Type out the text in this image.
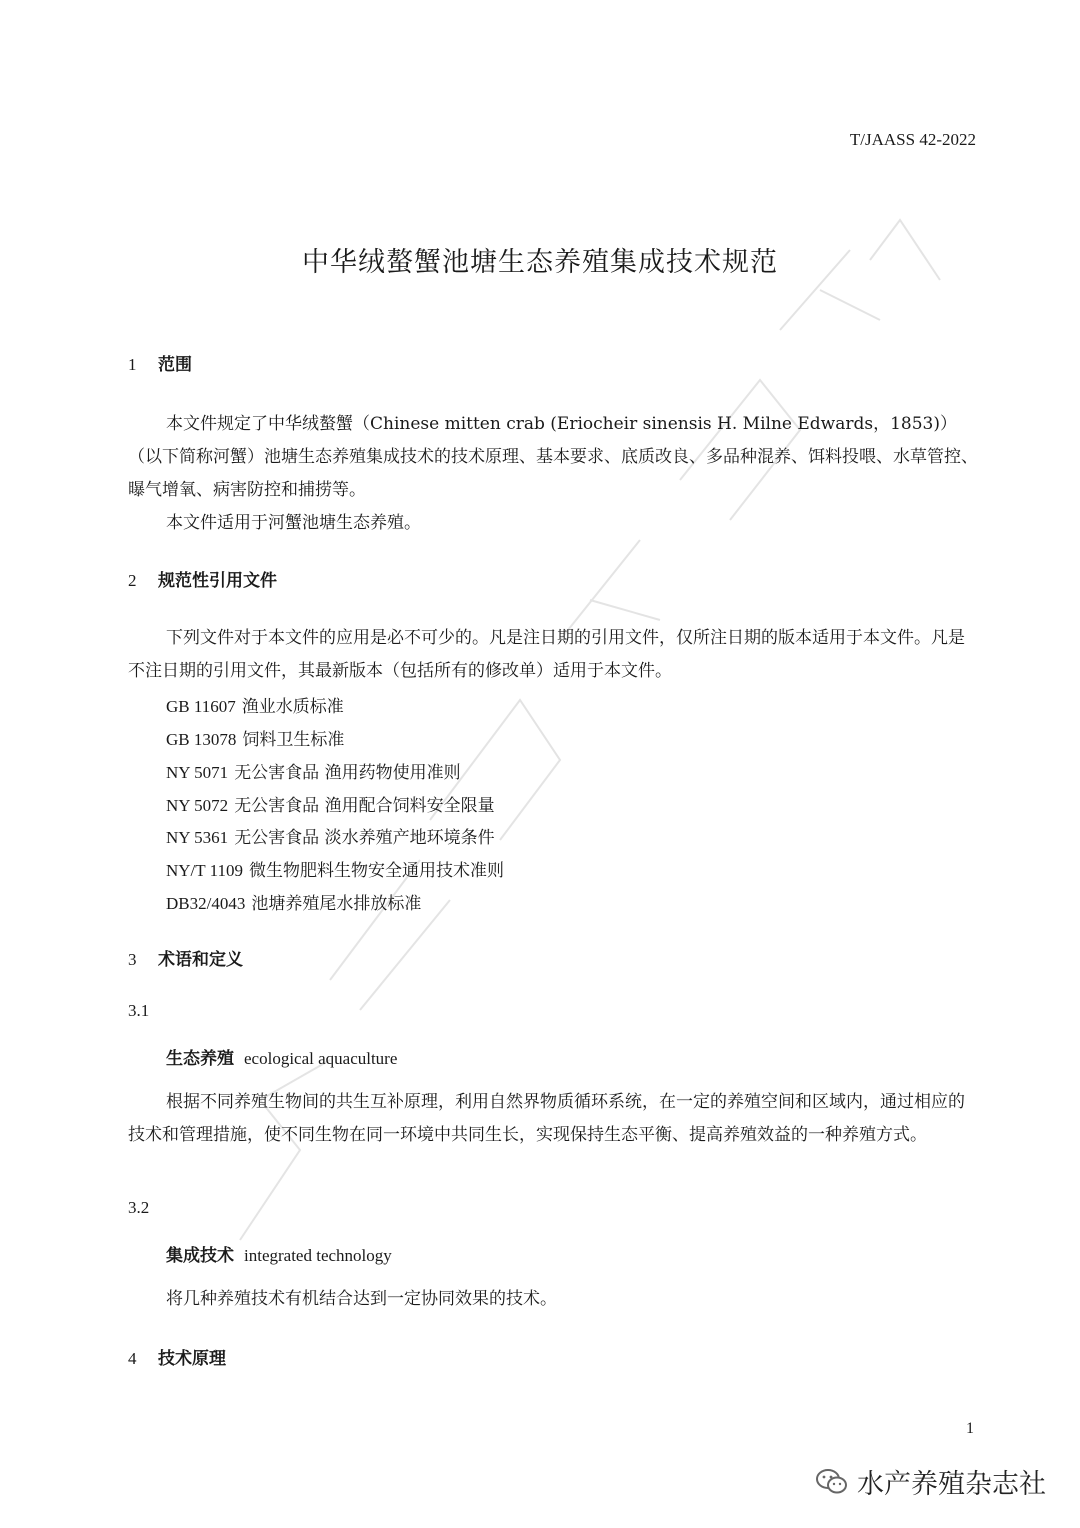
T/JAASS 42-2022
中华绒螯蟹池塘生态养殖集成技术规范
1 范围
本文件规定了中华绒螯蟹（Chinese mitten crab (Eriocheir sinensis H. Milne Edwards，1853)）（以下简称河蟹）池塘生态养殖集成技术的技术原理、基本要求、底质改良、多品种混养、饵料投喂、水草管控、曝气增氧、病害防控和捕捞等。
本文件适用于河蟹池塘生态养殖。
2 规范性引用文件
下列文件对于本文件的应用是必不可少的。凡是注日期的引用文件，仅所注日期的版本适用于本文件。凡是不注日期的引用文件，其最新版本（包括所有的修改单）适用于本文件。
GB 11607 渔业水质标准
GB 13078 饲料卫生标准
NY 5071 无公害食品 渔用药物使用准则
NY 5072 无公害食品 渔用配合饲料安全限量
NY 5361 无公害食品 淡水养殖产地环境条件
NY/T 1109 微生物肥料生物安全通用技术准则
DB32/4043 池塘养殖尾水排放标准
3 术语和定义
3.1
生态养殖 ecological aquaculture
根据不同养殖生物间的共生互补原理，利用自然界物质循环系统，在一定的养殖空间和区域内，通过相应的技术和管理措施，使不同生物在同一环境中共同生长，实现保持生态平衡、提高养殖效益的一种养殖方式。
3.2
集成技术 integrated technology
将几种养殖技术有机结合达到一定协同效果的技术。
4 技术原理
1
水产养殖杂志社
